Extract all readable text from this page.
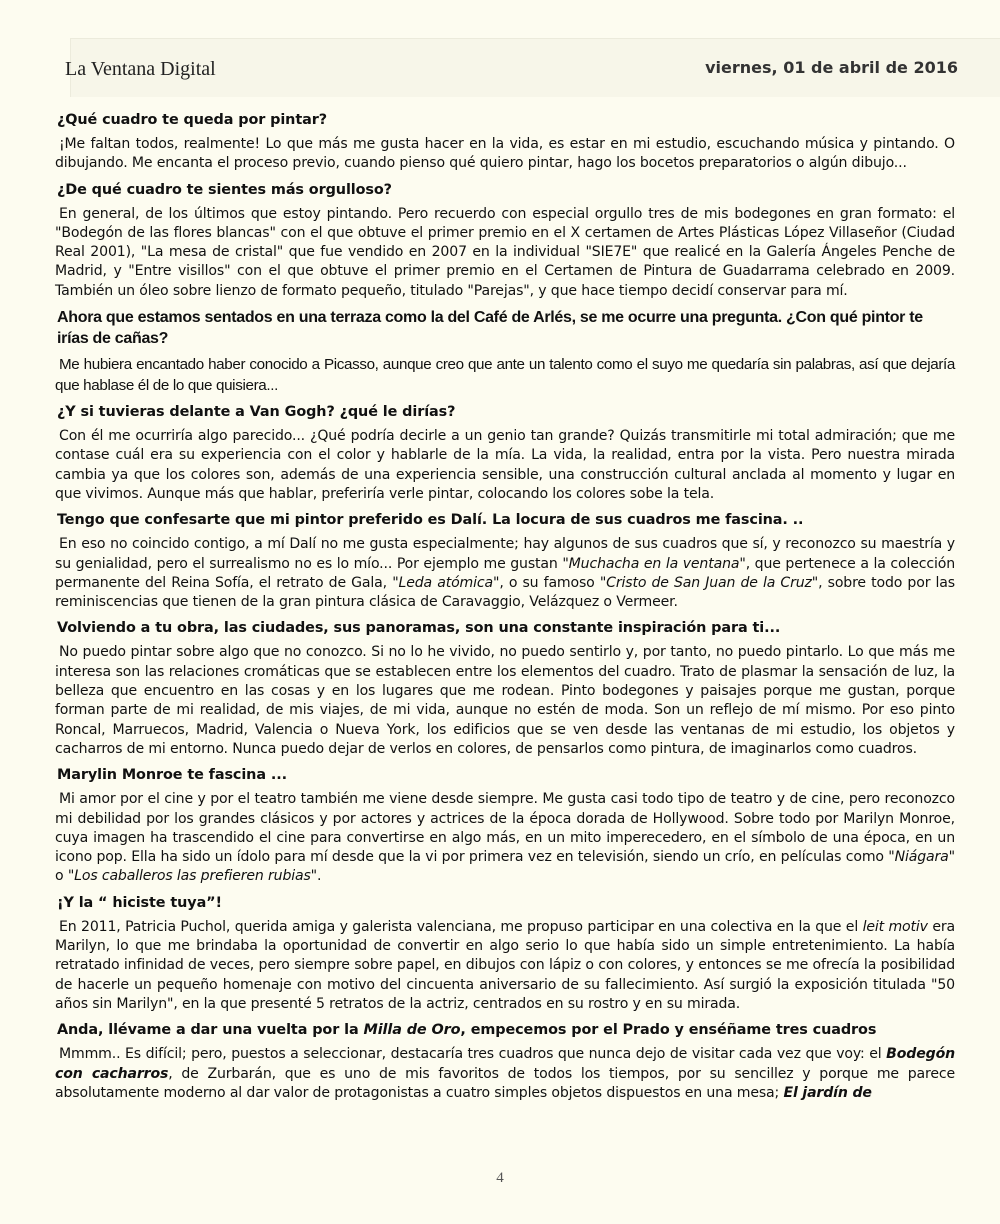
La Ventana Digital	viernes, 01 de abril de 2016
¿Qué cuadro te queda por pintar?

¡Me faltan todos, realmente! Lo que más me gusta hacer en la vida, es estar en mi estudio, escuchando música y pintando. O dibujando. Me encanta el proceso previo, cuando pienso qué quiero pintar, hago los bocetos preparatorios o algún dibujo...

¿De qué cuadro te sientes más orgulloso?

En general, de los últimos que estoy pintando. Pero recuerdo con especial orgullo tres de mis bodegones en gran formato: el "Bodegón de las flores blancas" con el que obtuve el primer premio en el X certamen de Artes Plásticas López Villaseñor (Ciudad Real 2001), "La mesa de cristal" que fue vendido en 2007 en la individual "SIE7E" que realicé en la Galería Ángeles Penche de Madrid, y "Entre visillos" con el que obtuve el primer premio en el Certamen de Pintura de Guadarrama celebrado en 2009. También un óleo sobre lienzo de formato pequeño, titulado "Parejas", y que hace tiempo decidí conservar para mí.

Ahora que estamos sentados en una terraza como la del Café de Arlés, se me ocurre una pregunta. ¿Con qué pintor te irías de cañas?

Me hubiera encantado haber conocido a Picasso, aunque creo que ante un talento como el suyo me quedaría sin palabras, así que dejaría que hablase él de lo que quisiera...

¿Y si tuvieras delante a Van Gogh? ¿qué le dirías?

Con él me ocurriría algo parecido... ¿Qué podría decirle a un genio tan grande? Quizás transmitirle mi total admiración; que me contase cuál era su experiencia con el color y hablarle de la mía. La vida, la realidad, entra por la vista. Pero nuestra mirada cambia ya que los colores son, además de una experiencia sensible, una construcción cultural anclada al momento y lugar en que vivimos. Aunque más que hablar, preferiría verle pintar, colocando los colores sobe la tela.

Tengo que confesarte que mi pintor preferido es Dalí. La locura de sus cuadros me fascina. ..

En eso no coincido contigo, a mí Dalí no me gusta especialmente; hay algunos de sus cuadros que sí, y reconozco su maestría y su genialidad, pero el surrealismo no es lo mío... Por ejemplo me gustan "Muchacha en la ventana", que pertenece a la colección permanente del Reina Sofía, el retrato de Gala, "Leda atómica", o su famoso "Cristo de San Juan de la Cruz", sobre todo por las reminiscencias que tienen de la gran pintura clásica de Caravaggio, Velázquez o Vermeer.

Volviendo a tu obra, las ciudades, sus panoramas, son una constante inspiración para ti...

No puedo pintar sobre algo que no conozco. Si no lo he vivido, no puedo sentirlo y, por tanto, no puedo pintarlo. Lo que más me interesa son las relaciones cromáticas que se establecen entre los elementos del cuadro. Trato de plasmar la sensación de luz, la belleza que encuentro en las cosas y en los lugares que me rodean. Pinto bodegones y paisajes porque me gustan, porque forman parte de mi realidad, de mis viajes, de mi vida, aunque no estén de moda. Son un reflejo de mí mismo. Por eso pinto Roncal, Marruecos, Madrid, Valencia o Nueva York, los edificios que se ven desde las ventanas de mi estudio, los objetos y cacharros de mi entorno. Nunca puedo dejar de verlos en colores, de pensarlos como pintura, de imaginarlos como cuadros.

Marylin Monroe te fascina ...

Mi amor por el cine y por el teatro también me viene desde siempre. Me gusta casi todo tipo de teatro y de cine, pero reconozco mi debilidad por los grandes clásicos y por actores y actrices de la época dorada de Hollywood. Sobre todo por Marilyn Monroe, cuya imagen ha trascendido el cine para convertirse en algo más, en un mito imperecedero, en el símbolo de una época, en un icono pop. Ella ha sido un ídolo para mí desde que la vi por primera vez en televisión, siendo un crío, en películas como "Niágara" o "Los caballeros las prefieren rubias".

¡Y la “ hiciste tuya”!

En 2011, Patricia Puchol, querida amiga y galerista valenciana, me propuso participar en una colectiva en la que el leit motiv era Marilyn, lo que me brindaba la oportunidad de convertir en algo serio lo que había sido un simple entretenimiento. La había retratado infinidad de veces, pero siempre sobre papel, en dibujos con lápiz o con colores, y entonces se me ofrecía la posibilidad de hacerle un pequeño homenaje con motivo del cincuenta aniversario de su fallecimiento. Así surgió la exposición titulada "50 años sin Marilyn", en la que presenté 5 retratos de la actriz, centrados en su rostro y en su mirada.

Anda, llévame a dar una vuelta por la Milla de Oro, empecemos por el Prado y enséñame tres cuadros

Mmmm.. Es difícil; pero, puestos a seleccionar, destacaría tres cuadros que nunca dejo de visitar cada vez que voy: el Bodegón con cacharros, de Zurbarán, que es uno de mis favoritos de todos los tiempos, por su sencillez y porque me parece absolutamente moderno al dar valor de protagonistas a cuatro simples objetos dispuestos en una mesa; El jardín de

4
